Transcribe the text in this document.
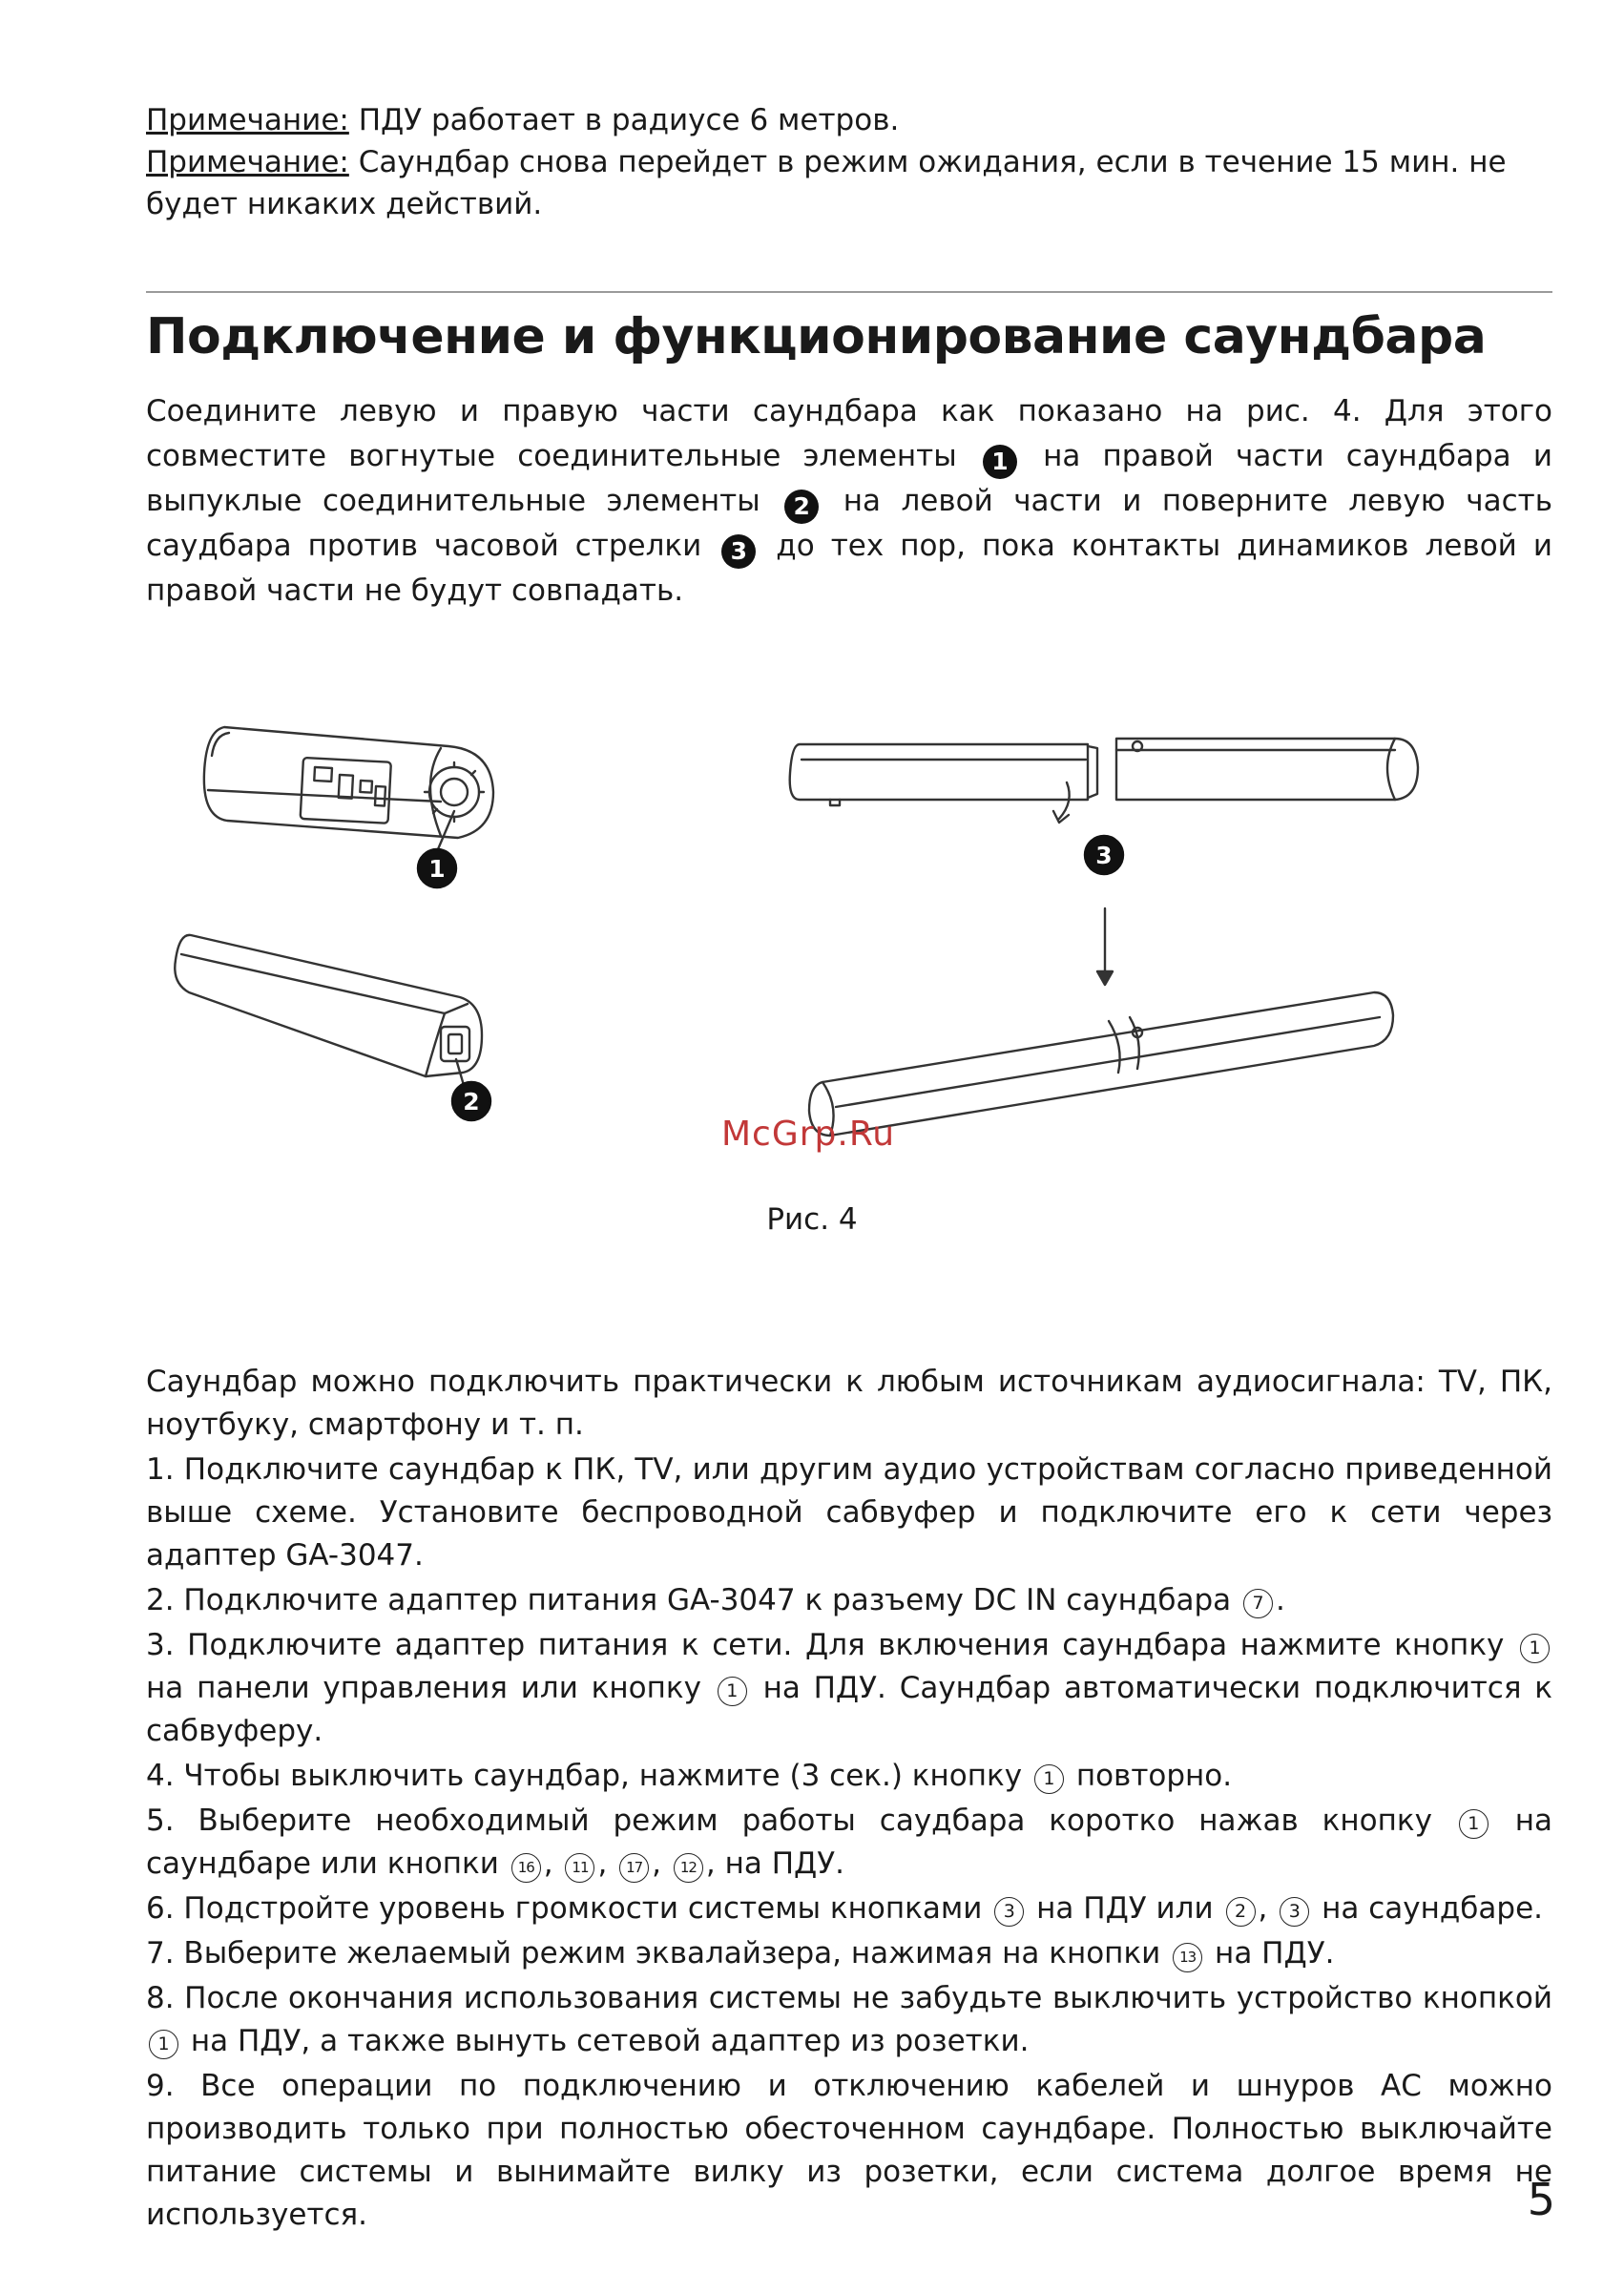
Примечание: ПДУ работает в радиусе 6 метров.

Примечание: Саундбар снова перейдет в режим ожидания, если в течение 15 мин. не будет никаких действий.

Подключение и функционирование саундбара

Соедините левую и правую части саундбара как показано на рис. 4. Для этого совместите вогнутые соединительные элементы 1 на правой части саундбара и выпуклые соединительные элементы 2 на левой части и поверните левую часть саудбара против часовой стрелки 3 до тех пор, пока контакты динамиков левой и правой части не будут совпадать.

1
2
3
McGrp.Ru

Рис. 4

Саундбар можно подключить практически к любым источникам аудиосигнала: TV, ПК, ноутбуку, смартфону и т. п.

1. Подключите саундбар к ПК, TV, или другим аудио устройствам согласно приведенной выше схеме. Установите беспроводной сабвуфер и подключите его к сети через адаптер GA-3047.

2. Подключите адаптер питания GA-3047 к разъему DC IN саундбара 7 .

3. Подключите адаптер питания к сети. Для включения саундбара нажмите кнопку 1 на панели управления или кнопку 1 на ПДУ. Саундбар автоматически подключится к сабвуферу.

4. Чтобы выключить саундбар, нажмите (3 сек.) кнопку 1 повторно.

5. Выберите необходимый режим работы саудбара коротко нажав кнопку 1 на саундбаре или кнопки 16 , 11 , 17 , 12 , на ПДУ.

6. Подстройте уровень громкости системы кнопками 3 на ПДУ или 2 , 3 на саундбаре.

7. Выберите желаемый режим эквалайзера, нажимая на кнопки 13 на ПДУ.

8. После окончания использования системы не забудьте выключить устройство кнопкой 1 на ПДУ, а также вынуть сетевой адаптер из розетки.

9. Все операции по подключению и отключению кабелей и шнуров АС можно производить только при полностью обесточенном саундбаре. Полностью выключайте питание системы и вынимайте вилку из розетки, если система долгое время не используется.	5
